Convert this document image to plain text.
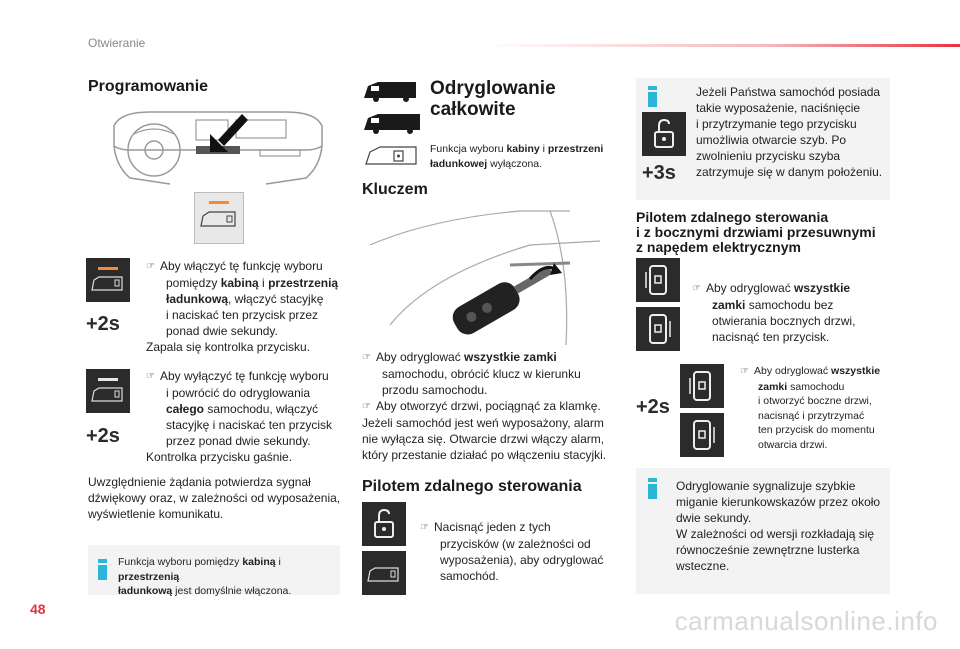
Otwieranie
Programowanie
+2s
☞ Aby włączyć tę funkcję wyboru
pomiędzy kabiną i przestrzenią
ładunkową, włączyć stacyjkę
i naciskać ten przycisk przez
ponad dwie sekundy.
Zapala się kontrolka przycisku.
+2s
☞ Aby wyłączyć tę funkcję wyboru
i powrócić do odryglowania
całego samochodu, włączyć
stacyjkę i naciskać ten przycisk
przez ponad dwie sekundy.
Kontrolka przycisku gaśnie.
Uwzględnienie żądania potwierdza sygnał
dźwiękowy oraz, w zależności od wyposażenia,
wyświetlenie komunikatu.
Funkcja wyboru pomiędzy kabiną i przestrzenią
ładunkową jest domyślnie włączona.
Odryglowanie
całkowite
Funkcja wyboru kabiny i przestrzeni
ładunkowej wyłączona.
Kluczem
☞ Aby odryglować wszystkie zamki
samochodu, obrócić klucz w kierunku
przodu samochodu.
☞ Aby otworzyć drzwi, pociągnąć za klamkę.
Jeżeli samochód jest weń wyposażony, alarm
nie wyłącza się. Otwarcie drzwi włączy alarm,
który przestanie działać po włączeniu stacyjki.
Pilotem zdalnego sterowania
☞ Nacisnąć jeden z tych
przycisków (w zależności od
wyposażenia), aby odryglować
samochód.
+3s
Jeżeli Państwa samochód posiada
takie wyposażenie, naciśnięcie
i przytrzymanie tego przycisku
umożliwia otwarcie szyb. Po
zwolnieniu przycisku szyba
zatrzymuje się w danym położeniu.
Pilotem zdalnego sterowania
i z bocznymi drzwiami przesuwnymi
z napędem elektrycznym
☞ Aby odryglować wszystkie
zamki samochodu bez
otwierania bocznych drzwi,
nacisnąć ten przycisk.
+2s
☞ Aby odryglować wszystkie
zamki samochodu
i otworzyć boczne drzwi,
nacisnąć i przytrzymać
ten przycisk do momentu
otwarcia drzwi.
Odryglowanie sygnalizuje szybkie
miganie kierunkowskazów przez około
dwie sekundy.
W zależności od wersji rozkładają się
równocześnie zewnętrzne lusterka
wsteczne.
48	carmanualsonline.info
